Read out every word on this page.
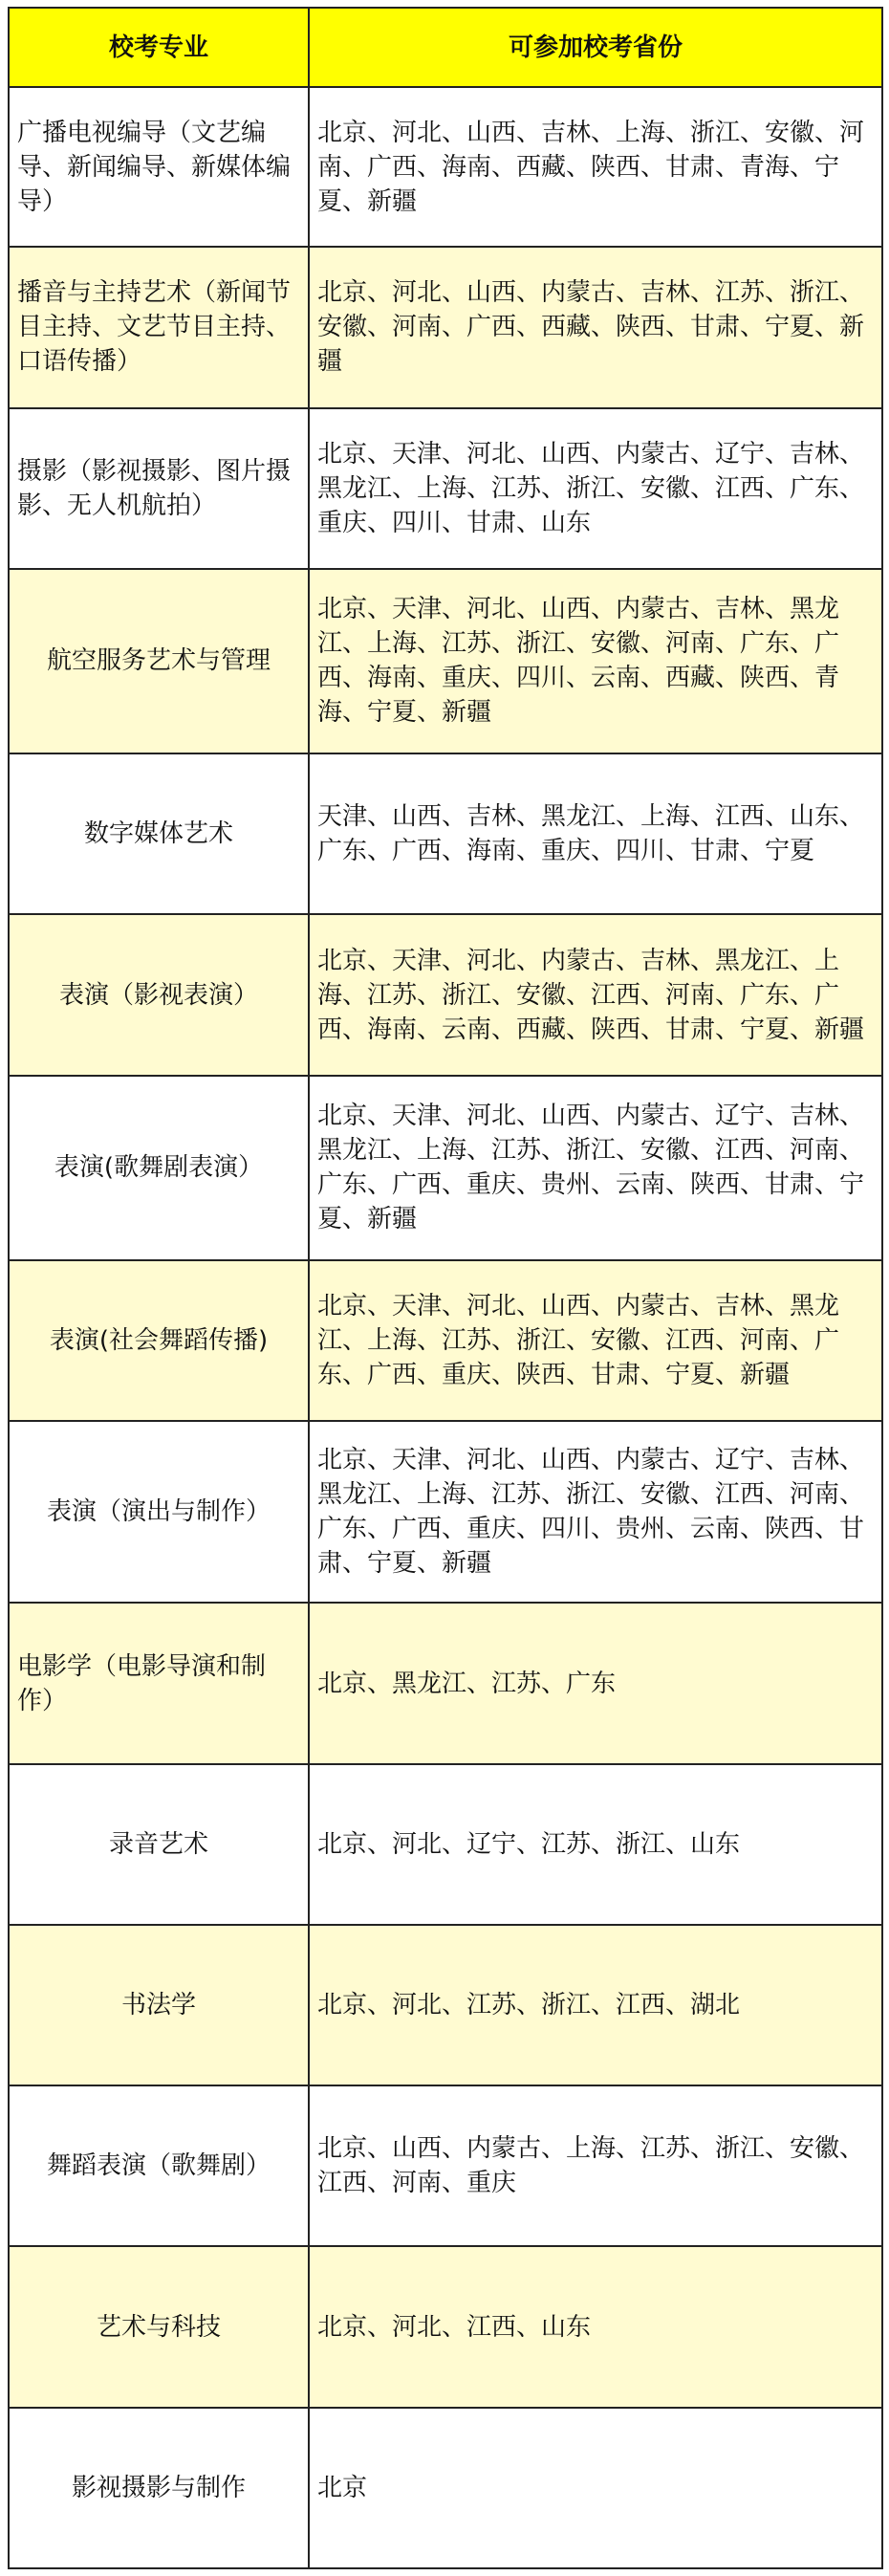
校考专业	可参加校考省份
广播电视编导（文艺编导、新闻编导、新媒体编导）	北京、河北、山西、吉林、上海、浙江、安徽、河南、广西、海南、西藏、陕西、甘肃、青海、宁夏、新疆
播音与主持艺术（新闻节目主持、文艺节目主持、口语传播）	北京、河北、山西、内蒙古、吉林、江苏、浙江、安徽、河南、广西、西藏、陕西、甘肃、宁夏、新疆
摄影（影视摄影、图片摄影、无人机航拍）	北京、天津、河北、山西、内蒙古、辽宁、吉林、黑龙江、上海、江苏、浙江、安徽、江西、广东、重庆、四川、甘肃、山东
航空服务艺术与管理	北京、天津、河北、山西、内蒙古、吉林、黑龙江、上海、江苏、浙江、安徽、河南、广东、广西、海南、重庆、四川、云南、西藏、陕西、青海、宁夏、新疆
数字媒体艺术	天津、山西、吉林、黑龙江、上海、江西、山东、广东、广西、海南、重庆、四川、甘肃、宁夏
表演（影视表演）	北京、天津、河北、内蒙古、吉林、黑龙江、上海、江苏、浙江、安徽、江西、河南、广东、广西、海南、云南、西藏、陕西、甘肃、宁夏、新疆
表演(歌舞剧表演）	北京、天津、河北、山西、内蒙古、辽宁、吉林、黑龙江、上海、江苏、浙江、安徽、江西、河南、广东、广西、重庆、贵州、云南、陕西、甘肃、宁夏、新疆
表演(社会舞蹈传播)	北京、天津、河北、山西、内蒙古、吉林、黑龙江、上海、江苏、浙江、安徽、江西、河南、广东、广西、重庆、陕西、甘肃、宁夏、新疆
表演（演出与制作）	北京、天津、河北、山西、内蒙古、辽宁、吉林、黑龙江、上海、江苏、浙江、安徽、江西、河南、广东、广西、重庆、四川、贵州、云南、陕西、甘肃、宁夏、新疆
电影学（电影导演和制作）	北京、黑龙江、江苏、广东
录音艺术	北京、河北、辽宁、江苏、浙江、山东
书法学	北京、河北、江苏、浙江、江西、湖北
舞蹈表演（歌舞剧）	北京、山西、内蒙古、上海、江苏、浙江、安徽、江西、河南、重庆
艺术与科技	北京、河北、江西、山东
影视摄影与制作	北京
